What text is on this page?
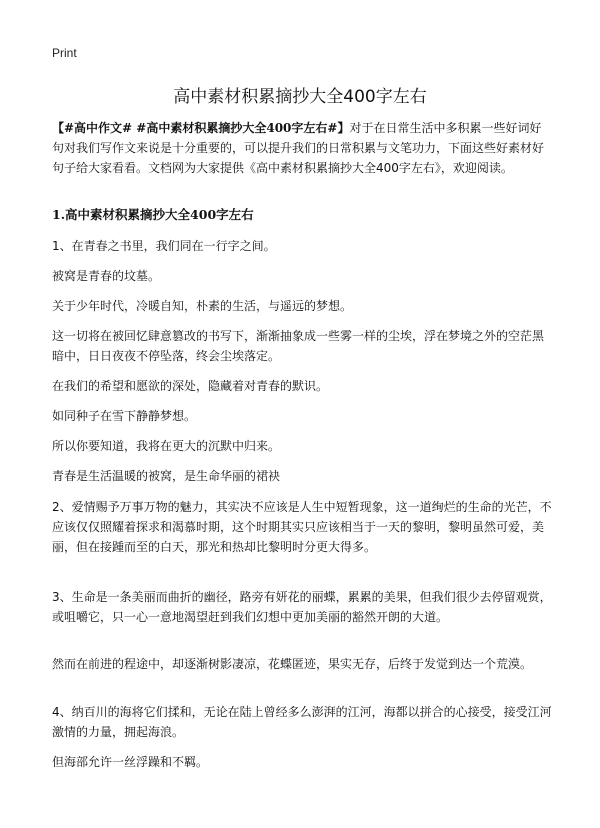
Print
高中素材积累摘抄大全400字左右

【#高中作文# #高中素材积累摘抄大全400字左右#】对于在日常生活中多积累一些好词好句对我们写作文来说是十分重要的，可以提升我们的日常积累与文笔功力，下面这些好素材好句子给大家看看。文档网为大家提供《高中素材积累摘抄大全400字左右》，欢迎阅读。

1.高中素材积累摘抄大全400字左右

1、在青春之书里，我们同在一行字之间。

被窝是青春的坟墓。

关于少年时代，冷暖自知，朴素的生活，与遥远的梦想。

这一切将在被回忆肆意篡改的书写下，渐渐抽象成一些雾一样的尘埃，浮在梦境之外的空茫黑暗中，日日夜夜不停坠落，终会尘埃落定。

在我们的希望和愿欲的深处，隐藏着对青春的默识。

如同种子在雪下静静梦想。

所以你要知道，我将在更大的沉默中归来。

青春是生活温暖的被窝，是生命华丽的裙袂

2、爱情赐予万事万物的魅力，其实决不应该是人生中短暂现象，这一道绚烂的生命的光芒，不应该仅仅照耀着探求和渴慕时期，这个时期其实只应该相当于一天的黎明，黎明虽然可爱，美丽，但在接踵而至的白天，那光和热却比黎明时分更大得多。

3、生命是一条美丽而曲折的幽径，路旁有妍花的丽蝶，累累的美果，但我们很少去停留观赏，或咀嚼它，只一心一意地渴望赶到我们幻想中更加美丽的豁然开朗的大道。

然而在前进的程途中，却逐渐树影凄凉，花蝶匿迹，果实无存，后终于发觉到达一个荒漠。

4、纳百川的海将它们揉和，无论在陆上曾经多么澎湃的江河，海都以拼合的心接受，接受江河激情的力量，拥起海浪。

但海部允许一丝浮躁和不羁。
